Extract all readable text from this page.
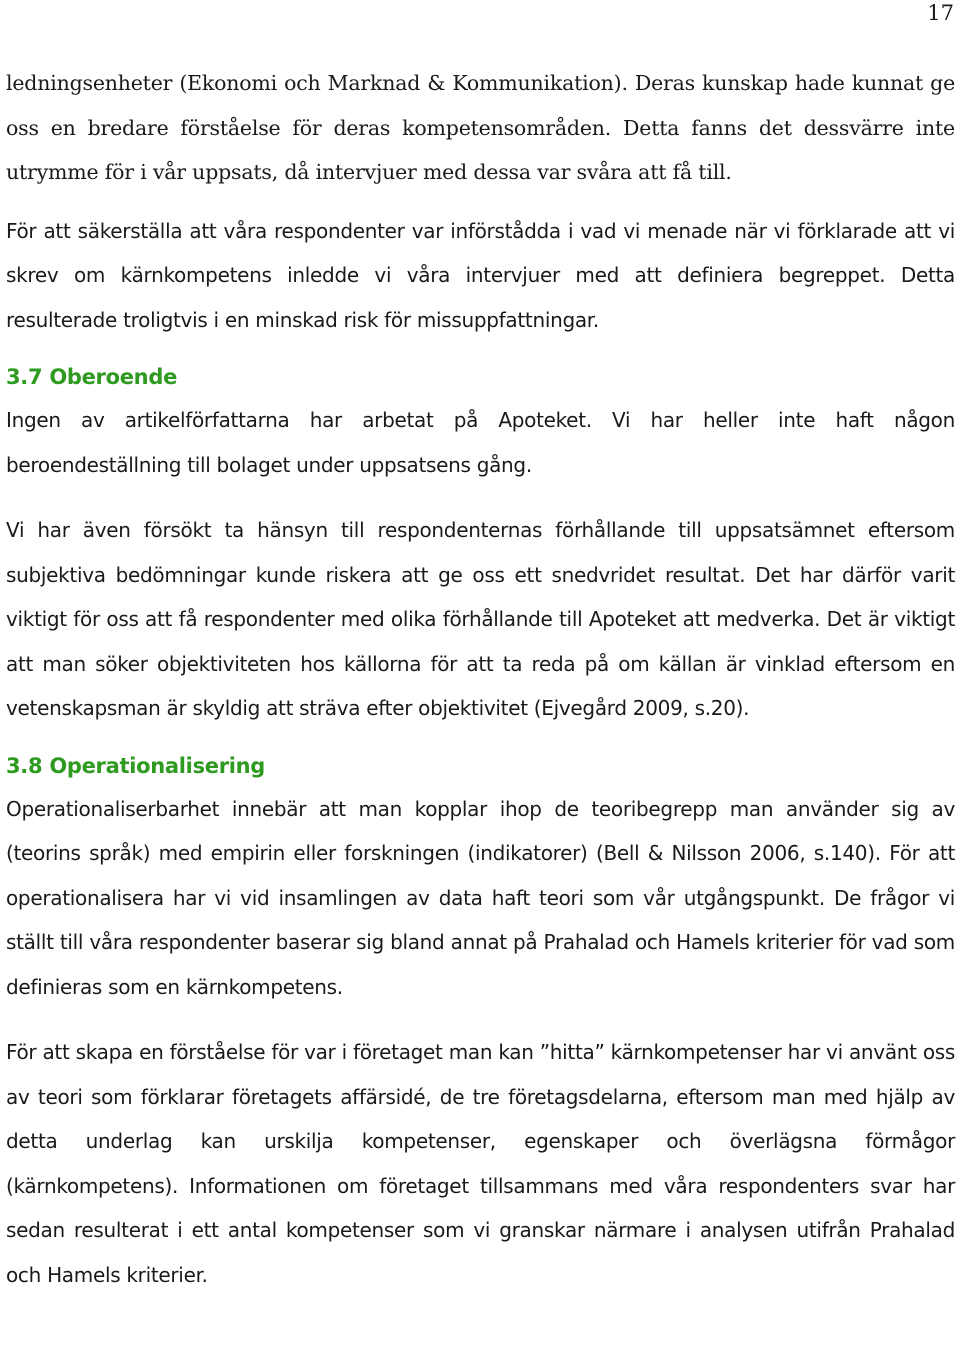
17

ledningsenheter (Ekonomi och Marknad & Kommunikation). Deras kunskap hade kunnat ge oss en bredare förståelse för deras kompetensområden. Detta fanns det dessvärre inte utrymme för i vår uppsats, då intervjuer med dessa var svåra att få till.

För att säkerställa att våra respondenter var införstådda i vad vi menade när vi förklarade att vi skrev om kärnkompetens inledde vi våra intervjuer med att definiera begreppet. Detta resulterade troligtvis i en minskad risk för missuppfattningar.

3.7 Oberoende

Ingen av artikelförfattarna har arbetat på Apoteket. Vi har heller inte haft någon beroendeställning till bolaget under uppsatsens gång.

Vi har även försökt ta hänsyn till respondenternas förhållande till uppsatsämnet eftersom subjektiva bedömningar kunde riskera att ge oss ett snedvridet resultat. Det har därför varit viktigt för oss att få respondenter med olika förhållande till Apoteket att medverka. Det är viktigt att man söker objektiviteten hos källorna för att ta reda på om källan är vinklad eftersom en vetenskapsman är skyldig att sträva efter objektivitet (Ejvegård 2009, s.20).

3.8 Operationalisering

Operationaliserbarhet innebär att man kopplar ihop de teoribegrepp man använder sig av (teorins språk) med empirin eller forskningen (indikatorer) (Bell & Nilsson 2006, s.140). För att operationalisera har vi vid insamlingen av data haft teori som vår utgångspunkt. De frågor vi ställt till våra respondenter baserar sig bland annat på Prahalad och Hamels kriterier för vad som definieras som en kärnkompetens.

För att skapa en förståelse för var i företaget man kan ”hitta” kärnkompetenser har vi använt oss av teori som förklarar företagets affärsidé, de tre företagsdelarna, eftersom man med hjälp av detta underlag kan urskilja kompetenser, egenskaper och överlägsna förmågor (kärnkompetens). Informationen om företaget tillsammans med våra respondenters svar har sedan resulterat i ett antal kompetenser som vi granskar närmare i analysen utifrån Prahalad och Hamels kriterier.
